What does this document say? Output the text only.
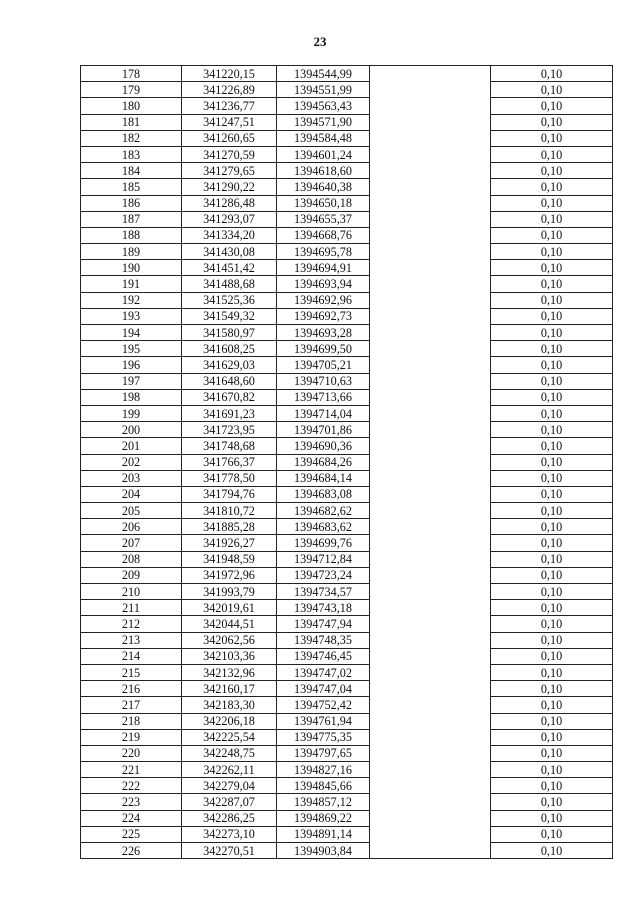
23
178	341220,15	1394544,99		0,10
179	341226,89	1394551,99		0,10
180	341236,77	1394563,43		0,10
181	341247,51	1394571,90		0,10
182	341260,65	1394584,48		0,10
183	341270,59	1394601,24		0,10
184	341279,65	1394618,60		0,10
185	341290,22	1394640,38		0,10
186	341286,48	1394650,18		0,10
187	341293,07	1394655,37		0,10
188	341334,20	1394668,76		0,10
189	341430,08	1394695,78		0,10
190	341451,42	1394694,91		0,10
191	341488,68	1394693,94		0,10
192	341525,36	1394692,96		0,10
193	341549,32	1394692,73		0,10
194	341580,97	1394693,28		0,10
195	341608,25	1394699,50		0,10
196	341629,03	1394705,21		0,10
197	341648,60	1394710,63		0,10
198	341670,82	1394713,66		0,10
199	341691,23	1394714,04		0,10
200	341723,95	1394701,86		0,10
201	341748,68	1394690,36		0,10
202	341766,37	1394684,26		0,10
203	341778,50	1394684,14		0,10
204	341794,76	1394683,08		0,10
205	341810,72	1394682,62		0,10
206	341885,28	1394683,62		0,10
207	341926,27	1394699,76		0,10
208	341948,59	1394712,84		0,10
209	341972,96	1394723,24		0,10
210	341993,79	1394734,57		0,10
211	342019,61	1394743,18		0,10
212	342044,51	1394747,94		0,10
213	342062,56	1394748,35		0,10
214	342103,36	1394746,45		0,10
215	342132,96	1394747,02		0,10
216	342160,17	1394747,04		0,10
217	342183,30	1394752,42		0,10
218	342206,18	1394761,94		0,10
219	342225,54	1394775,35		0,10
220	342248,75	1394797,65		0,10
221	342262,11	1394827,16		0,10
222	342279,04	1394845,66		0,10
223	342287,07	1394857,12		0,10
224	342286,25	1394869,22		0,10
225	342273,10	1394891,14		0,10
226	342270,51	1394903,84		0,10
